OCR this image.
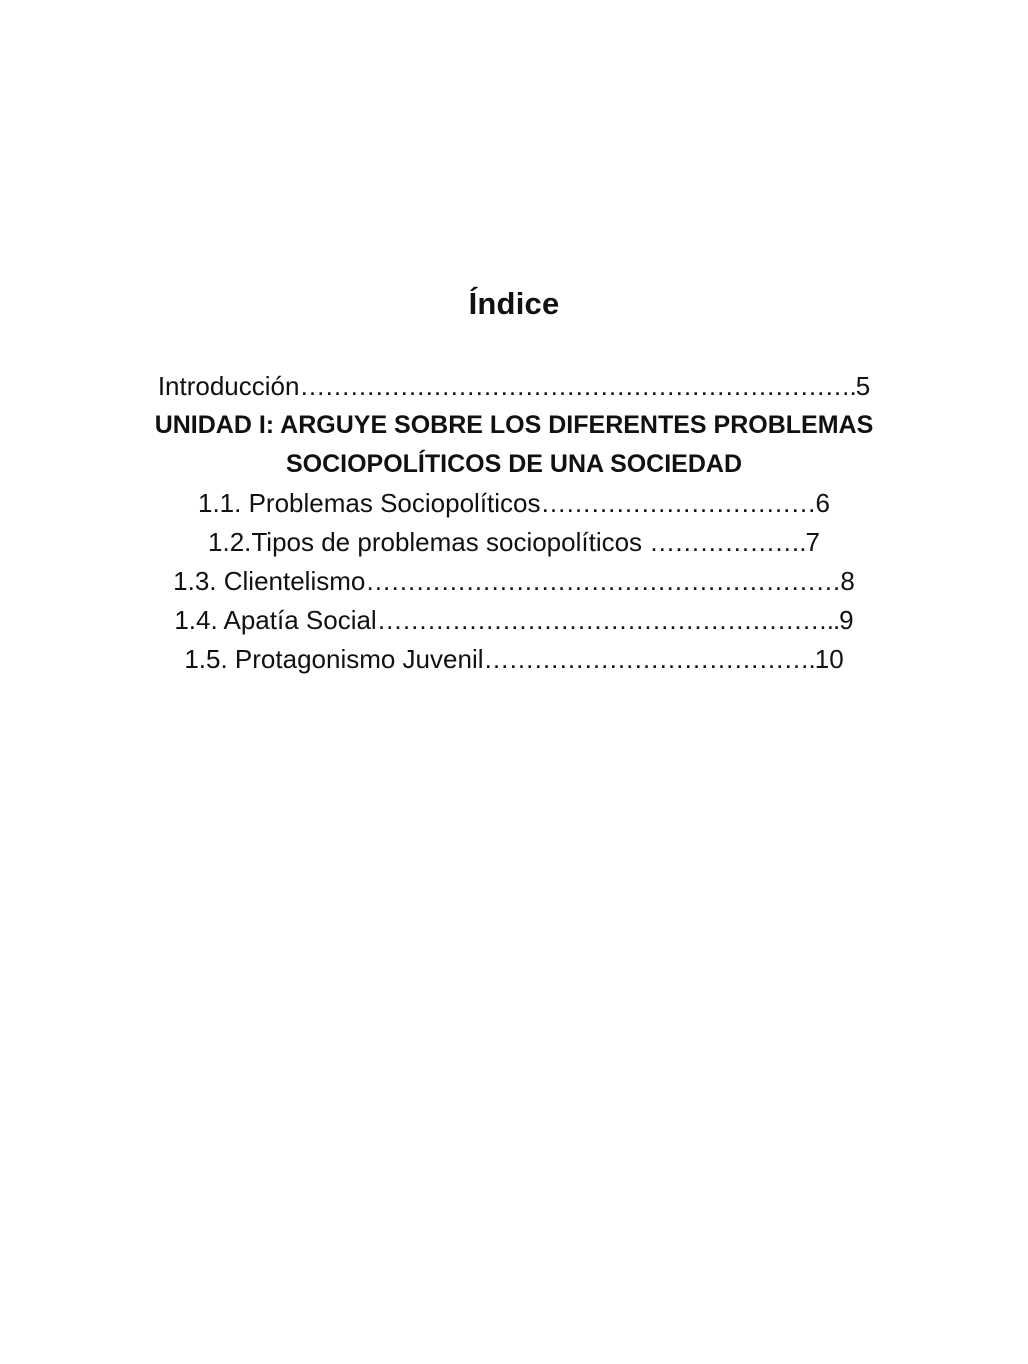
Índice
Introducción………………………………………………………….5
UNIDAD I: ARGUYE SOBRE LOS DIFERENTES PROBLEMAS
SOCIOPOLÍTICOS DE UNA SOCIEDAD
1.1. Problemas Sociopolíticos……………………………6
1.2.Tipos de problemas sociopolíticos ……………….7
1.3. Clientelismo…………………………………………………8
1.4. Apatía Social………………………………………………..9
1.5. Protagonismo Juvenil………………………………….10
